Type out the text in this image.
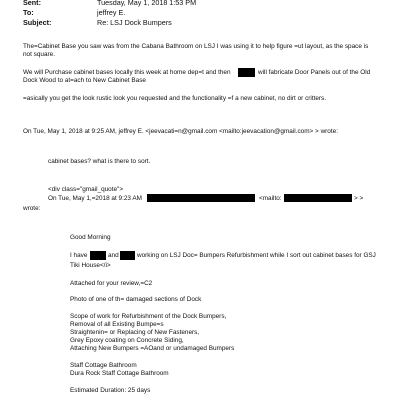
Sent:	Tuesday, May 1, 2018 1:53 PM
To:	jeffrey E.
Subject:	Re: LSJ Dock Bumpers
The=Cabinet Base you saw was from the Cabana Bathroom on LSJ I was using it to help figure =ut layout, as the space is
not square.
We will Purchase cabinet bases locally this week at home dep=t and then	will fabricate Door Panels out of the Old
Dock Wood to at=ach to New Cabinet Base
=asically you get the look rustic look you requested and the functionality =f a new cabinet, no dirt or critters.
On Tue, May 1, 2018 at 9:25 AM, jeffrey E. <jeevacati=n@gmail.com <mailto:jeevacation@gmail.com> > wrote:
cabinet bases? what is there to sort.
<div class="gmail_quote">
On Tue, May 1,=2018 at 9:23 AM	<mailto:	> >
wrote:
Good Morning
I have	and	working on LSJ Doc= Bumpers Refurbishment while I sort out cabinet bases for GSJ
Tiki House</i>
Attached for your review,=C2
Photo of one of th= damaged sections of Dock
Scope of work for Refurbishment of the Dock Bumpers,
Removal of all Existing Bumpe=s
Straightenin= or Replacing of New Fasteners,
Grey Epoxy coating on Concrete Siding,
Attaching New Bumpers =AOand or undamaged Bumpers
Staff Cottage Bathroom
Dura Rock Staff Cottage Bathroom
Estimated Duration: 25 days
